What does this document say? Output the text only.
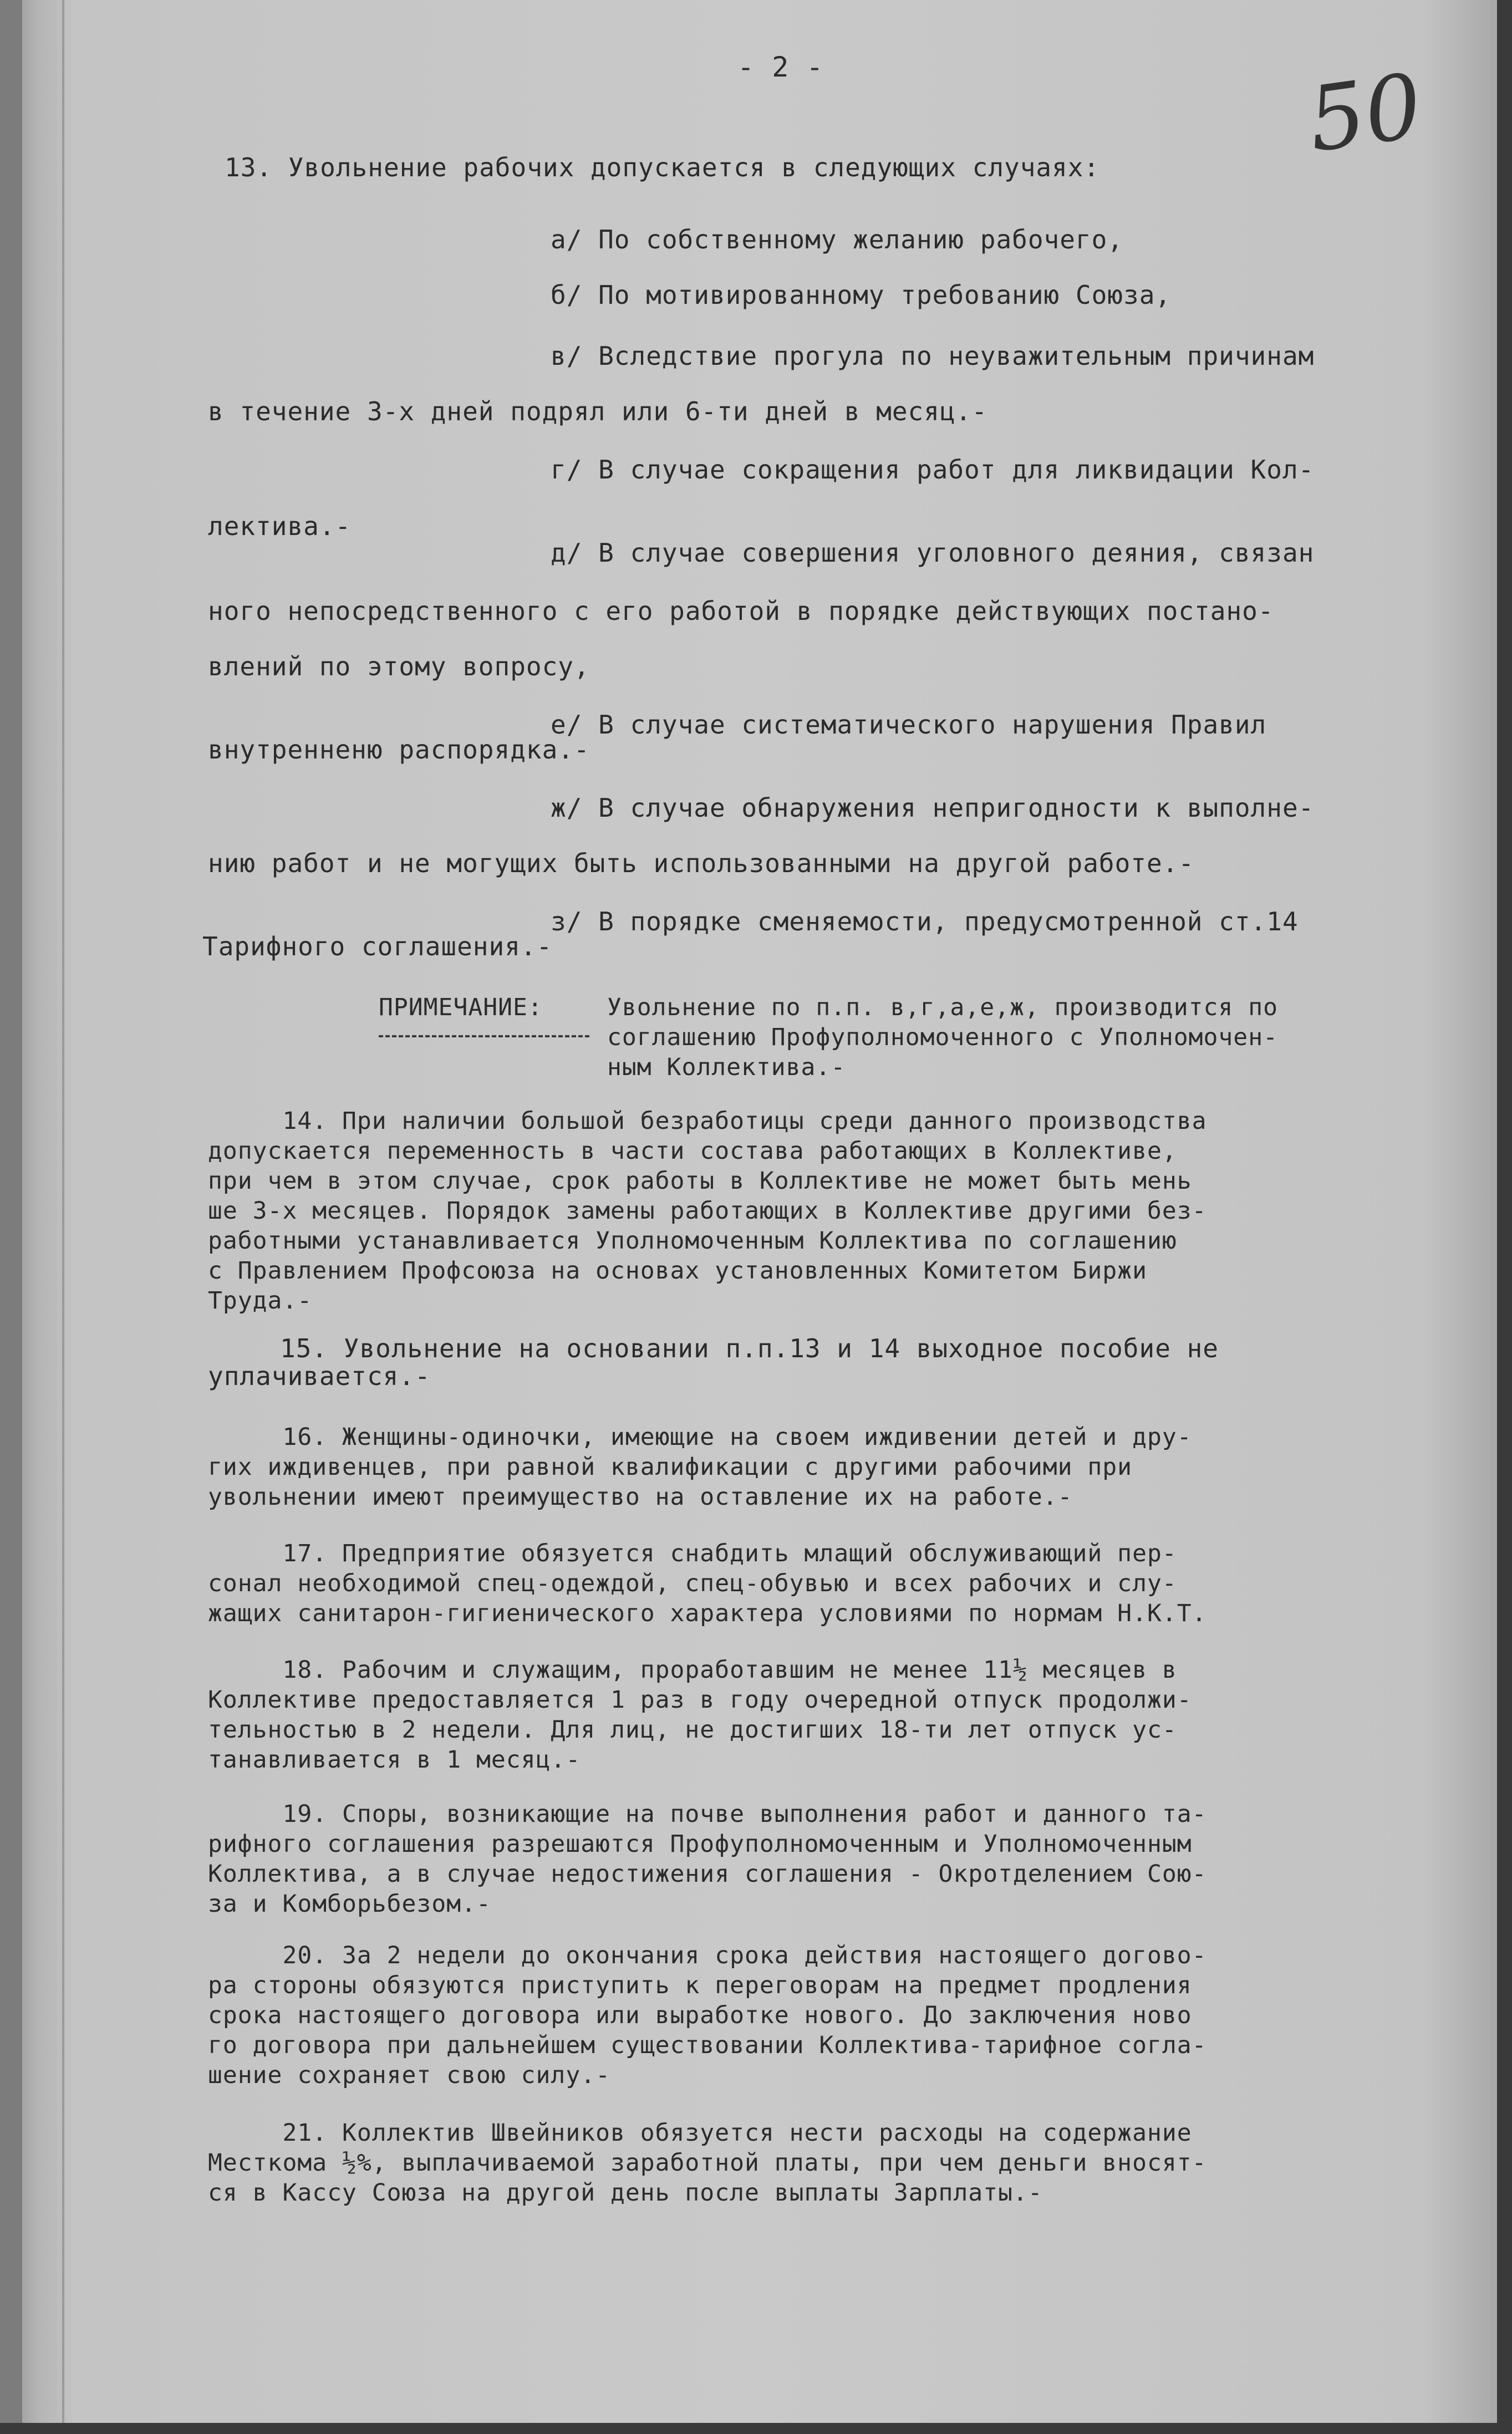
- 2 -	50
13. Увольнение рабочих допускается в следующих случаях:
а/ По собственному желанию рабочего,
б/ По мотивированному требованию Союза,
в/ Вследствие прогула по неуважительным причинам
в течение 3-х дней подрял или 6-ти дней в месяц.-
г/ В случае сокращения работ для ликвидации Кол-
лектива.-
д/ В случае совершения уголовного деяния, связан
ного непосредственного с его работой в порядке действующих постано-
влений по этому вопросу,
е/ В случае систематического нарушения Правил
внутренненю распорядка.-
ж/ В случае обнаружения непригодности к выполне-
нию работ и не могущих быть использованными на другой работе.-
з/ В порядке сменяемости, предусмотренной ст.14
Тарифного соглашения.-
ПРИМЕЧАНИЕ:	Увольнение по п.п. в,г,а,е,ж, производится по
соглашению Профуполномоченного с Уполномочен-
ным Коллектива.-
14. При наличии большой безработицы среди данного производства
допускается переменность в части состава работающих в Коллективе,
при чем в этом случае, срок работы в Коллективе не может быть мень
ше 3-х месяцев. Порядок замены работающих в Коллективе другими без-
работными устанавливается Уполномоченным Коллектива по соглашению
с Правлением Профсоюза на основах установленных Комитетом Биржи
Труда.-
15. Увольнение на основании п.п.13 и 14 выходное пособие не
уплачивается.-
16. Женщины-одиночки, имеющие на своем иждивении детей и дру-
гих иждивенцев, при равной квалификации с другими рабочими при
увольнении имеют преимущество на оставление их на работе.-
17. Предприятие обязуется снабдить млащий обслуживающий пер-
сонал необходимой спец-одеждой, спец-обувью и всех рабочих и слу-
жащих санитарон-гигиенического характера условиями по нормам Н.К.Т.
18. Рабочим и служащим, проработавшим не менее 11½ месяцев в
Коллективе предоставляется 1 раз в году очередной отпуск продолжи-
тельностью в 2 недели. Для лиц, не достигших 18-ти лет отпуск ус-
танавливается в 1 месяц.-
19. Споры, возникающие на почве выполнения работ и данного та-
рифного соглашения разрешаются Профуполномоченным и Уполномоченным
Коллектива, а в случае недостижения соглашения - Окротделением Сою-
за и Комборьбезом.-
20. За 2 недели до окончания срока действия настоящего догово-
ра стороны обязуются приступить к переговорам на предмет продления
срока настоящего договора или выработке нового. До заключения ново
го договора при дальнейшем существовании Коллектива-тарифное согла-
шение сохраняет свою силу.-
21. Коллектив Швейников обязуется нести расходы на содержание
Месткома ½%, выплачиваемой заработной платы, при чем деньги вносят-
ся в Кассу Союза на другой день после выплаты Зарплаты.-
